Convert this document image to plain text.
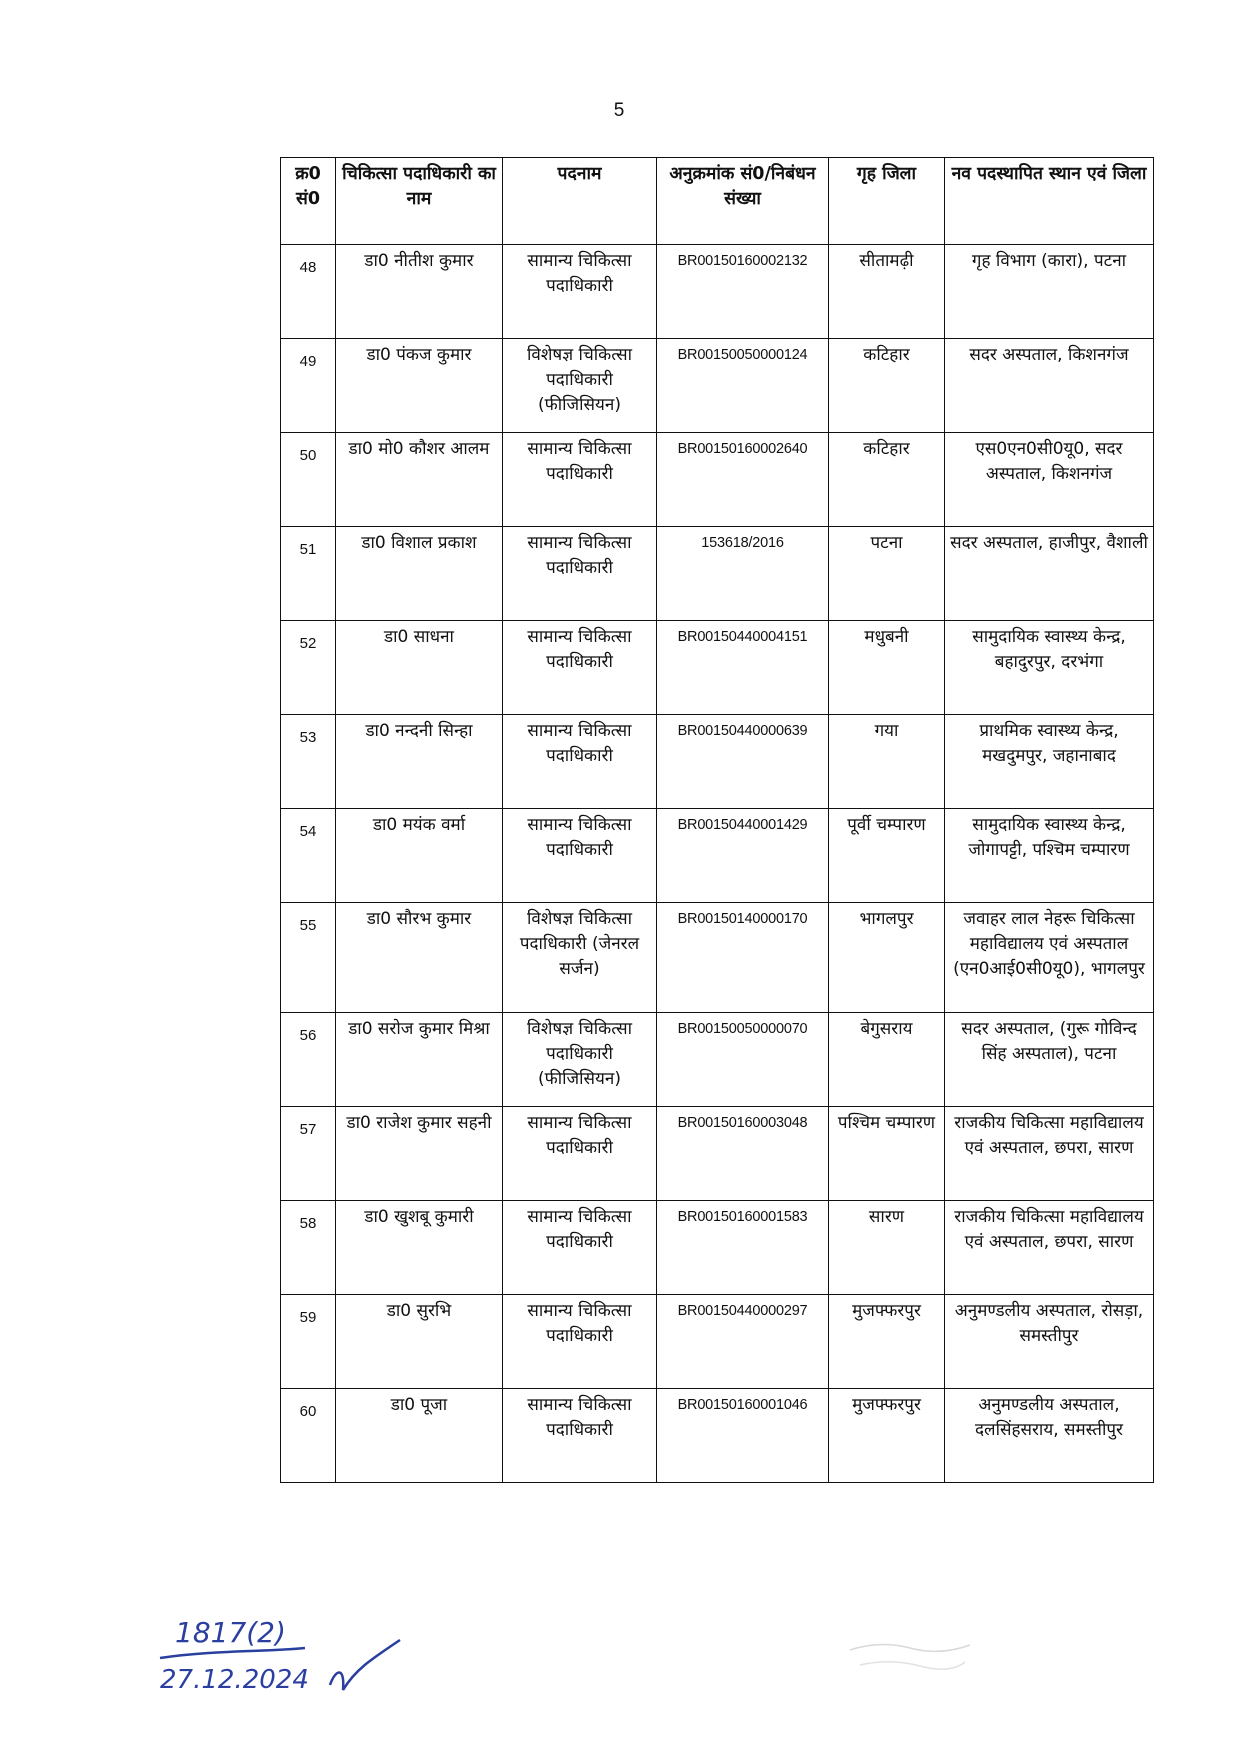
5
क्र0 सं0	चिकित्सा पदाधिकारी का नाम	पदनाम	अनुक्रमांक सं0/निबंधन संख्या	गृह जिला	नव पदस्थापित स्थान एवं जिला
48	डा0 नीतीश कुमार	सामान्य चिकित्सा पदाधिकारी	BR00150160002132	सीतामढ़ी	गृह विभाग (कारा), पटना
49	डा0 पंकज कुमार	विशेषज्ञ चिकित्सा पदाधिकारी (फीजिसियन)	BR00150050000124	कटिहार	सदर अस्पताल, किशनगंज
50	डा0 मो0 कौशर आलम	सामान्य चिकित्सा पदाधिकारी	BR00150160002640	कटिहार	एस0एन0सी0यू0, सदर अस्पताल, किशनगंज
51	डा0 विशाल प्रकाश	सामान्य चिकित्सा पदाधिकारी	153618/2016	पटना	सदर अस्पताल, हाजीपुर, वैशाली
52	डा0 साधना	सामान्य चिकित्सा पदाधिकारी	BR00150440004151	मधुबनी	सामुदायिक स्वास्थ्य केन्द्र, बहादुरपुर, दरभंगा
53	डा0 नन्दनी सिन्हा	सामान्य चिकित्सा पदाधिकारी	BR00150440000639	गया	प्राथमिक स्वास्थ्य केन्द्र, मखदुमपुर, जहानाबाद
54	डा0 मयंक वर्मा	सामान्य चिकित्सा पदाधिकारी	BR00150440001429	पूर्वी चम्पारण	सामुदायिक स्वास्थ्य केन्द्र, जोगापट्टी, पश्चिम चम्पारण
55	डा0 सौरभ कुमार	विशेषज्ञ चिकित्सा पदाधिकारी (जेनरल सर्जन)	BR00150140000170	भागलपुर	जवाहर लाल नेहरू चिकित्सा महाविद्यालय एवं अस्पताल (एन0आई0सी0यू0), भागलपुर
56	डा0 सरोज कुमार मिश्रा	विशेषज्ञ चिकित्सा पदाधिकारी (फीजिसियन)	BR00150050000070	बेगुसराय	सदर अस्पताल, (गुरू गोविन्द सिंह अस्पताल), पटना
57	डा0 राजेश कुमार सहनी	सामान्य चिकित्सा पदाधिकारी	BR00150160003048	पश्चिम चम्पारण	राजकीय चिकित्सा महाविद्यालय एवं अस्पताल, छपरा, सारण
58	डा0 खुशबू कुमारी	सामान्य चिकित्सा पदाधिकारी	BR00150160001583	सारण	राजकीय चिकित्सा महाविद्यालय एवं अस्पताल, छपरा, सारण
59	डा0 सुरभि	सामान्य चिकित्सा पदाधिकारी	BR00150440000297	मुजफ्फरपुर	अनुमण्डलीय अस्पताल, रोसड़ा, समस्तीपुर
60	डा0 पूजा	सामान्य चिकित्सा पदाधिकारी	BR00150160001046	मुजफ्फरपुर	अनुमण्डलीय अस्पताल, दलसिंहसराय, समस्तीपुर
1817(2)
27.12.2024
